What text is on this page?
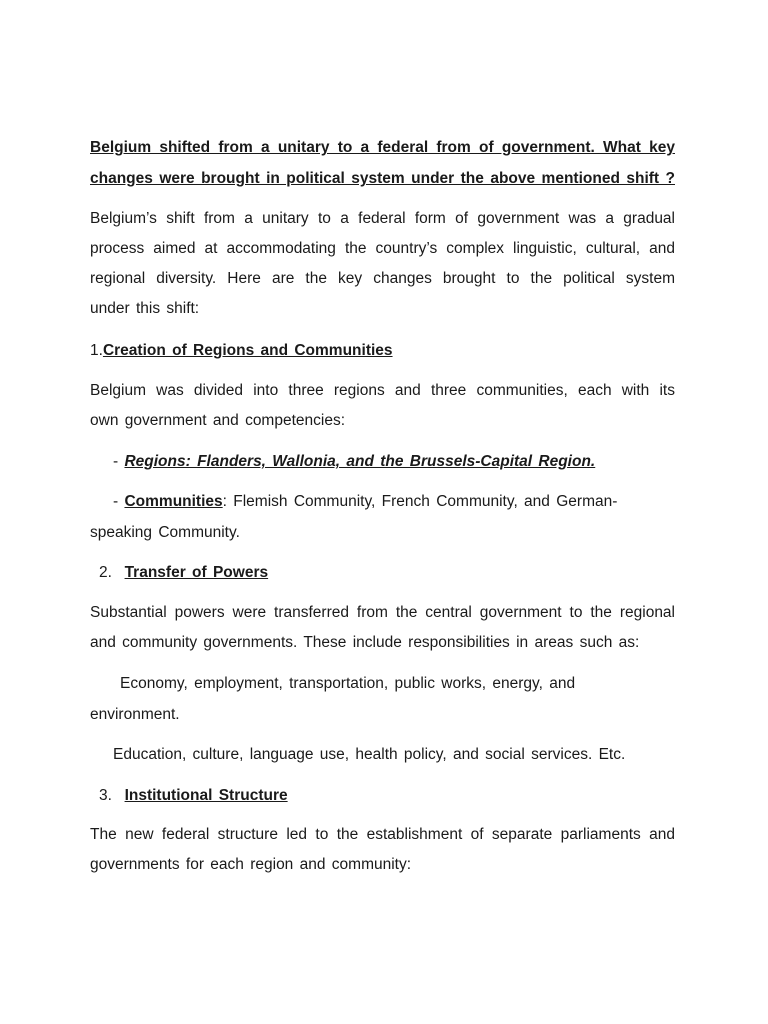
Belgium shifted from a unitary to a federal from of government. What key
changes were brought in political system under the above mentioned shift ?
Belgium’s shift from a unitary to a federal form of government was a gradual
process aimed at accommodating the country’s complex linguistic, cultural, and
regional diversity. Here are the key changes brought to the political system
under this shift:
1.Creation of Regions and Communities
Belgium was divided into three regions and three communities, each with its
own government and competencies:
- Regions: Flanders, Wallonia, and the Brussels-Capital Region.
- Communities: Flemish Community, French Community, and German-
speaking Community.
2. Transfer of Powers
Substantial powers were transferred from the central government to the regional
and community governments. These include responsibilities in areas such as:
Economy, employment, transportation, public works, energy, and
environment.
Education, culture, language use, health policy, and social services. Etc.
3. Institutional Structure
The new federal structure led to the establishment of separate parliaments and
governments for each region and community:
